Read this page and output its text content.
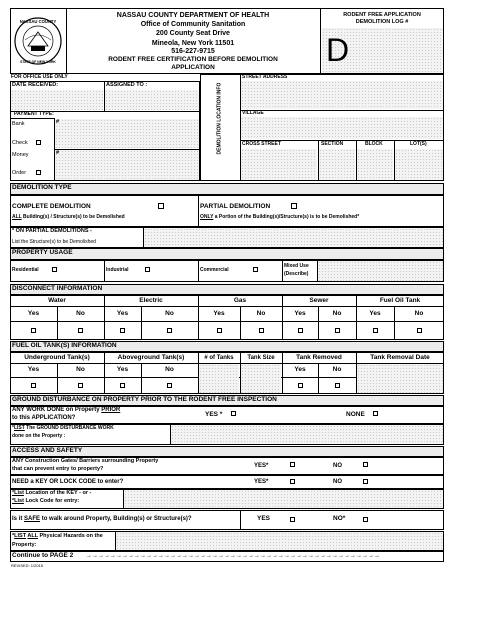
NASSAU COUNTY
STATE OF NEW YORK
NASSAU COUNTY DEPARTMENT OF HEALTH
Office of Community Sanitation
200 County Seat Drive
Mineola, New York 11501
516-227-9715
RODENT FREE CERTIFICATION BEFORE DEMOLITION
APPLICATION
RODENT FREE APPLICATION
DEMOLITION LOG #
D
FOR OFFICE USE ONLY
DATE RECEIVED:	ASSIGNED TO :
PAYMENT TYPE:
#
#
Bank
Check
Money
Order
DEMOLITION LOCATION INFO
STREET ADDRESS
VILLAGE
CROSS STREET	SECTION	BLOCK	LOT(S)
DEMOLITION TYPE
COMPLETE DEMOLITION
ALL Building(s) / Structure(s) to be Demolished
PARTIAL DEMOLITION
ONLY a Portion of the Building(s)/Structure(s) is to be Demolished*
* ON PARTIAL DEMOLITIONS -
List the Structure(s) to be Demolished
PROPERTY USAGE
Residential	Industrial	Commercial
Mixed Use
(Describe)
DISCONNECT INFORMATION
Water	Electric	Gas	Sewer	Fuel Oil Tank
Yes	No	Yes	No	Yes	No	Yes	No	Yes	No
FUEL OIL TANK(S) INFORMATION
Underground Tank(s)	Aboveground Tank(s)	# of Tanks	Tank Size	Tank Removed	Tank Removal Date
Yes	No	Yes	No	Yes	No
GROUND DISTURBANCE ON PROPERTY PRIOR TO THE RODENT FREE INSPECTION
ANY WORK DONE on Property PRIOR
to this APPLICATION?	YES *	NONE
*LIST The GROUND DISTURBANCE WORK
done on the Property :
ACCESS AND SAFETY
ANY Construction Gates/ Barriers surrounding Property
that can prevent entry to property?	YES*	NO
NEED a KEY OR LOCK CODE to enter?	YES*	NO
*List Location of the KEY - or -
*List Lock Code for entry:
Is it SAFE to walk around Property, Building(s) or Structure(s)?	YES	NO*
*LIST ALL Physical Hazards on the
Property:
Continue to PAGE 2 →→→→→→→→→→→→→→→→→→→→→→→→→→→→→→→→→→→→→→→→→→→→→→→→→
REVISED: 1/2015
